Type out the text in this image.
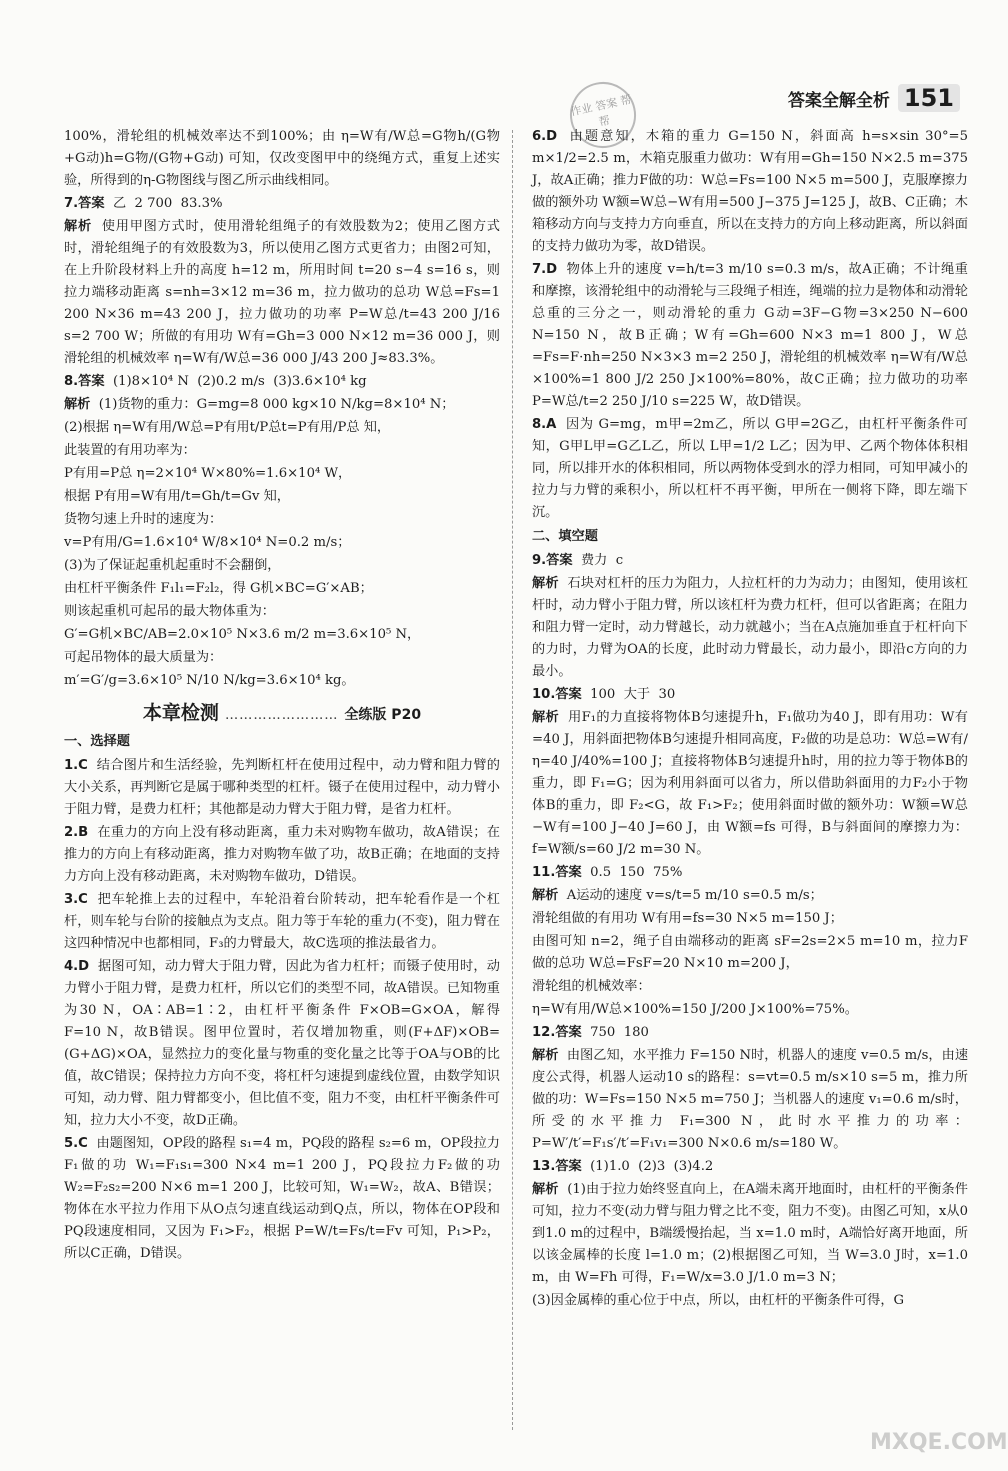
答案全解全析 151
作业 答案 帮帮
100%，滑轮组的机械效率达不到100%；由 η=W有/W总=G物h/(G物+G动)h=G物/(G物+G动) 可知，仅改变图甲中的绕绳方式，重复上述实验，所得到的η-G物图线与图乙所示曲线相同。
7.答案  乙  2 700  83.3%
解析  使用甲图方式时，使用滑轮组绳子的有效股数为2；使用乙图方式时，滑轮组绳子的有效股数为3，所以使用乙图方式更省力；由图2可知，在上升阶段材料上升的高度 h=12 m，所用时间 t=20 s−4 s=16 s，则拉力端移动距离 s=nh=3×12 m=36 m，拉力做功的总功 W总=Fs=1 200 N×36 m=43 200 J，拉力做功的功率 P=W总/t=43 200 J/16 s=2 700 W；所做的有用功 W有=Gh=3 000 N×12 m=36 000 J，则滑轮组的机械效率 η=W有/W总=36 000 J/43 200 J≈83.3%。
8.答案  (1)8×10⁴ N  (2)0.2 m/s  (3)3.6×10⁴ kg
解析  (1)货物的重力：G=mg=8 000 kg×10 N/kg=8×10⁴ N；
(2)根据 η=W有用/W总=P有用t/P总t=P有用/P总 知，
此装置的有用功率为：
P有用=P总 η=2×10⁴ W×80%=1.6×10⁴ W，
根据 P有用=W有用/t=Gh/t=Gv 知，
货物匀速上升时的速度为：
v=P有用/G=1.6×10⁴ W/8×10⁴ N=0.2 m/s；
(3)为了保证起重机起重时不会翻倒，
由杠杆平衡条件 F₁l₁=F₂l₂，得 G机×BC=G′×AB；
则该起重机可起吊的最大物体重为：
G′=G机×BC/AB=2.0×10⁵ N×3.6 m/2 m=3.6×10⁵ N，
可起吊物体的最大质量为：
m′=G′/g=3.6×10⁵ N/10 N/kg=3.6×10⁴ kg。
本章检测 …………………… 全练版 P20
一、选择题
1.C  结合图片和生活经验，先判断杠杆在使用过程中，动力臂和阻力臂的大小关系，再判断它是属于哪种类型的杠杆。镊子在使用过程中，动力臂小于阻力臂，是费力杠杆；其他都是动力臂大于阻力臂，是省力杠杆。
2.B  在重力的方向上没有移动距离，重力未对购物车做功，故A错误；在推力的方向上有移动距离，推力对购物车做了功，故B正确；在地面的支持力方向上没有移动距离，未对购物车做功，D错误。
3.C  把车轮推上去的过程中，车轮沿着台阶转动，把车轮看作是一个杠杆，则车轮与台阶的接触点为支点。阻力等于车轮的重力(不变)，阻力臂在这四种情况中也都相同，F₃的力臂最大，故C选项的推法最省力。
4.D  据图可知，动力臂大于阻力臂，因此为省力杠杆；而镊子使用时，动力臂小于阻力臂，是费力杠杆，所以它们的类型不同，故A错误。已知物重为30 N，OA∶AB=1∶2，由杠杆平衡条件 F×OB=G×OA，解得 F=10 N，故B错误。图甲位置时，若仅增加物重，则(F+ΔF)×OB=(G+ΔG)×OA，显然拉力的变化量与物重的变化量之比等于OA与OB的比值，故C错误；保持拉力方向不变，将杠杆匀速提到虚线位置，由数学知识可知，动力臂、阻力臂都变小，但比值不变，阻力不变，由杠杆平衡条件可知，拉力大小不变，故D正确。
5.C  由题图知，OP段的路程 s₁=4 m，PQ段的路程 s₂=6 m，OP段拉力F₁做的功 W₁=F₁s₁=300 N×4 m=1 200 J，PQ段拉力F₂做的功 W₂=F₂s₂=200 N×6 m=1 200 J，比较可知，W₁=W₂，故A、B错误；物体在水平拉力作用下从O点匀速直线运动到Q点，所以，物体在OP段和PQ段速度相同，又因为 F₁>F₂，根据 P=W/t=Fs/t=Fv 可知，P₁>P₂，所以C正确，D错误。
6.D  由题意知，木箱的重力 G=150 N，斜面高 h=s×sin 30°=5 m×1/2=2.5 m，木箱克服重力做功：W有用=Gh=150 N×2.5 m=375 J，故A正确；推力F做的功：W总=Fs=100 N×5 m=500 J，克服摩擦力做的额外功 W额=W总−W有用=500 J−375 J=125 J，故B、C正确；木箱移动方向与支持力方向垂直，所以在支持力的方向上移动距离，所以斜面的支持力做功为零，故D错误。
7.D  物体上升的速度 v=h/t=3 m/10 s=0.3 m/s，故A正确；不计绳重和摩擦，该滑轮组中的动滑轮与三段绳子相连，绳端的拉力是物体和动滑轮总重的三分之一，则动滑轮的重力 G动=3F−G物=3×250 N−600 N=150 N，故B正确；W有=Gh=600 N×3 m=1 800 J，W总=Fs=F·nh=250 N×3×3 m=2 250 J，滑轮组的机械效率 η=W有/W总×100%=1 800 J/2 250 J×100%=80%，故C正确；拉力做功的功率 P=W总/t=2 250 J/10 s=225 W，故D错误。
8.A  因为 G=mg，m甲=2m乙，所以 G甲=2G乙，由杠杆平衡条件可知，G甲L甲=G乙L乙，所以 L甲=1/2 L乙；因为甲、乙两个物体体积相同，所以排开水的体积相同，所以两物体受到水的浮力相同，可知甲减小的拉力与力臂的乘积小，所以杠杆不再平衡，甲所在一侧将下降，即左端下沉。
二、填空题
9.答案  费力  c
解析  石块对杠杆的压力为阻力，人拉杠杆的力为动力；由图知，使用该杠杆时，动力臂小于阻力臂，所以该杠杆为费力杠杆，但可以省距离；在阻力和阻力臂一定时，动力臂越长，动力就越小；当在A点施加垂直于杠杆向下的力时，力臂为OA的长度，此时动力臂最长，动力最小，即沿c方向的力最小。
10.答案  100  大于  30
解析  用F₁的力直接将物体B匀速提升h，F₁做功为40 J，即有用功：W有=40 J，用斜面把物体B匀速提升相同高度，F₂做的功是总功：W总=W有/η=40 J/40%=100 J；直接将物体B匀速提升h时，用的拉力等于物体B的重力，即 F₁=G；因为利用斜面可以省力，所以借助斜面用的力F₂小于物体B的重力，即 F₂<G，故 F₁>F₂；使用斜面时做的额外功：W额=W总−W有=100 J−40 J=60 J，由 W额=fs 可得，B与斜面间的摩擦力为：f=W额/s=60 J/2 m=30 N。
11.答案  0.5  150  75%
解析  A运动的速度 v=s/t=5 m/10 s=0.5 m/s；
滑轮组做的有用功 W有用=fs=30 N×5 m=150 J；
由图可知 n=2，绳子自由端移动的距离 sF=2s=2×5 m=10 m，拉力F做的总功 W总=FsF=20 N×10 m=200 J，
滑轮组的机械效率：
η=W有用/W总×100%=150 J/200 J×100%=75%。
12.答案  750  180
解析  由图乙知，水平推力 F=150 N时，机器人的速度 v=0.5 m/s，由速度公式得，机器人运动10 s的路程：s=vt=0.5 m/s×10 s=5 m，推力所做的功：W=Fs=150 N×5 m=750 J；当机器人的速度 v₁=0.6 m/s时，所受的水平推力 F₁=300 N，此时水平推力的功率：P=W′/t′=F₁s′/t′=F₁v₁=300 N×0.6 m/s=180 W。
13.答案  (1)1.0  (2)3  (3)4.2
解析  (1)由于拉力始终竖直向上，在A端未离开地面时，由杠杆的平衡条件可知，拉力不变(动力臂与阻力臂之比不变，阻力不变)。由图乙可知，x从0到1.0 m的过程中，B端缓慢抬起，当 x=1.0 m时，A端恰好离开地面，所以该金属棒的长度 l=1.0 m；(2)根据图乙可知，当 W=3.0 J时，x=1.0 m，由 W=Fh 可得，F₁=W/x=3.0 J/1.0 m=3 N；
(3)因金属棒的重心位于中点，所以，由杠杆的平衡条件可得，G
MXQE.COM
